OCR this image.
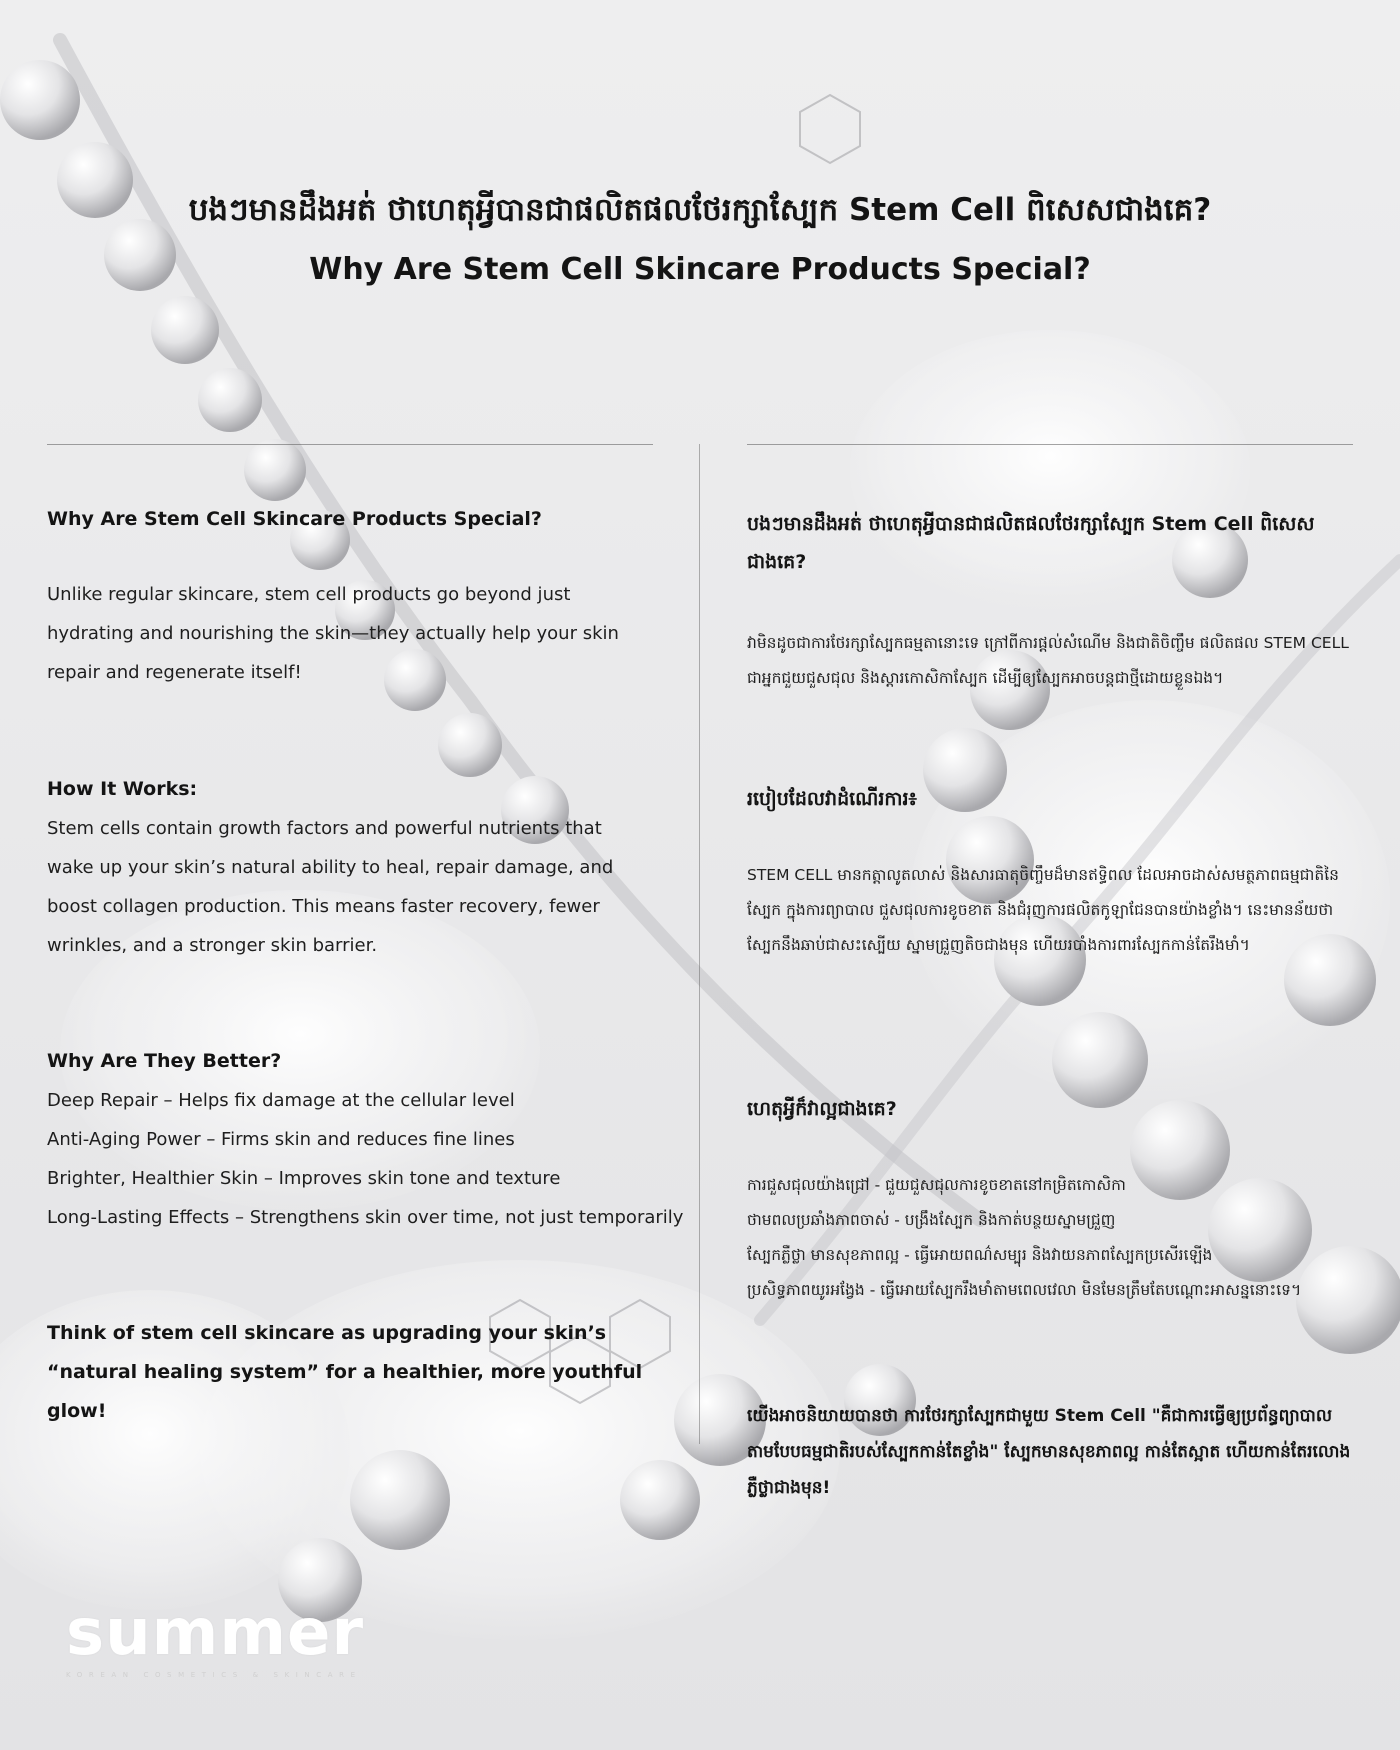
បងៗមានដឹងអត់ ថាហេតុអ្វីបានជាផលិតផលថែរក្សាស្បែក Stem Cell ពិសេសជាងគេ?
Why Are Stem Cell Skincare Products Special?
Why Are Stem Cell Skincare Products Special?

Unlike regular skincare, stem cell products go beyond just hydrating and nourishing the skin—they actually help your skin repair and regenerate itself!

How It Works:

Stem cells contain growth factors and powerful nutrients that wake up your skin’s natural ability to heal, repair damage, and boost collagen production. This means faster recovery, fewer wrinkles, and a stronger skin barrier.

Why Are They Better?
Deep Repair – Helps fix damage at the cellular level
Anti-Aging Power – Firms skin and reduces fine lines
Brighter, Healthier Skin – Improves skin tone and texture
Long-Lasting Effects – Strengthens skin over time, not just temporarily

Think of stem cell skincare as upgrading your skin’s “natural healing system” for a healthier, more youthful glow!

បងៗមានដឹងអត់ ថាហេតុអ្វីបានជាផលិតផលថែរក្សាស្បែក Stem Cell ពិសេសជាងគេ?

វាមិនដូចជាការថែរក្សាស្បែកធម្មតានោះទេ ក្រៅពីការផ្តល់សំណើម និងជាតិចិញ្ចឹម ផលិតផល STEM CELL ជាអ្នកជួយជួសជុល និងស្តារកោសិកាស្បែក ដើម្បីឲ្យស្បែកអាចបន្តជាថ្មីដោយខ្លួនឯង។

របៀបដែលវាដំណើរការ៖

STEM CELL មានកត្តាលូតលាស់ និងសារធាតុចិញ្ចឹមដ៏មានឥទ្ធិពល ដែលអាចដាស់សមត្ថភាពធម្មជាតិនៃស្បែក ក្នុងការព្យាបាល ជួសជុលការខូចខាត និងជំរុញការផលិតកូឡាជែនបានយ៉ាងខ្លាំង។ នេះមានន័យថា ស្បែកនឹងឆាប់ជាសះស្បើយ ស្នាមជ្រួញតិចជាងមុន ហើយរបាំងការពារស្បែកកាន់តែរឹងមាំ។

ហេតុអ្វីក៏វាល្អជាងគេ?
ការជួសជុលយ៉ាងជ្រៅ - ជួយជួសជុលការខូចខាតនៅកម្រិតកោសិកា
ថាមពលប្រឆាំងភាពចាស់ - បង្រឹងស្បែក និងកាត់បន្ថយស្នាមជ្រួញ
ស្បែកភ្លឺថ្លា មានសុខភាពល្អ - ធ្វើអោយពណ៌សម្បុរ និងវាយនភាពស្បែកប្រសើរឡើង
ប្រសិទ្ធភាពយូរអង្វែង - ធ្វើអោយស្បែករឹងមាំតាមពេលវេលា មិនមែនត្រឹមតែបណ្ដោះអាសន្ននោះទេ។

យើងអាចនិយាយបានថា ការថែរក្សាស្បែកជាមួយ Stem Cell "គឺជាការធ្វើឲ្យប្រព័ន្ធព្យាបាលតាមបែបធម្មជាតិរបស់ស្បែកកាន់តែខ្លាំង" ស្បែកមានសុខភាពល្អ កាន់តែស្អាត ហើយកាន់តែរលោងភ្លឺថ្លាជាងមុន!

summer
KOREAN COSMETICS & SKINCARE
